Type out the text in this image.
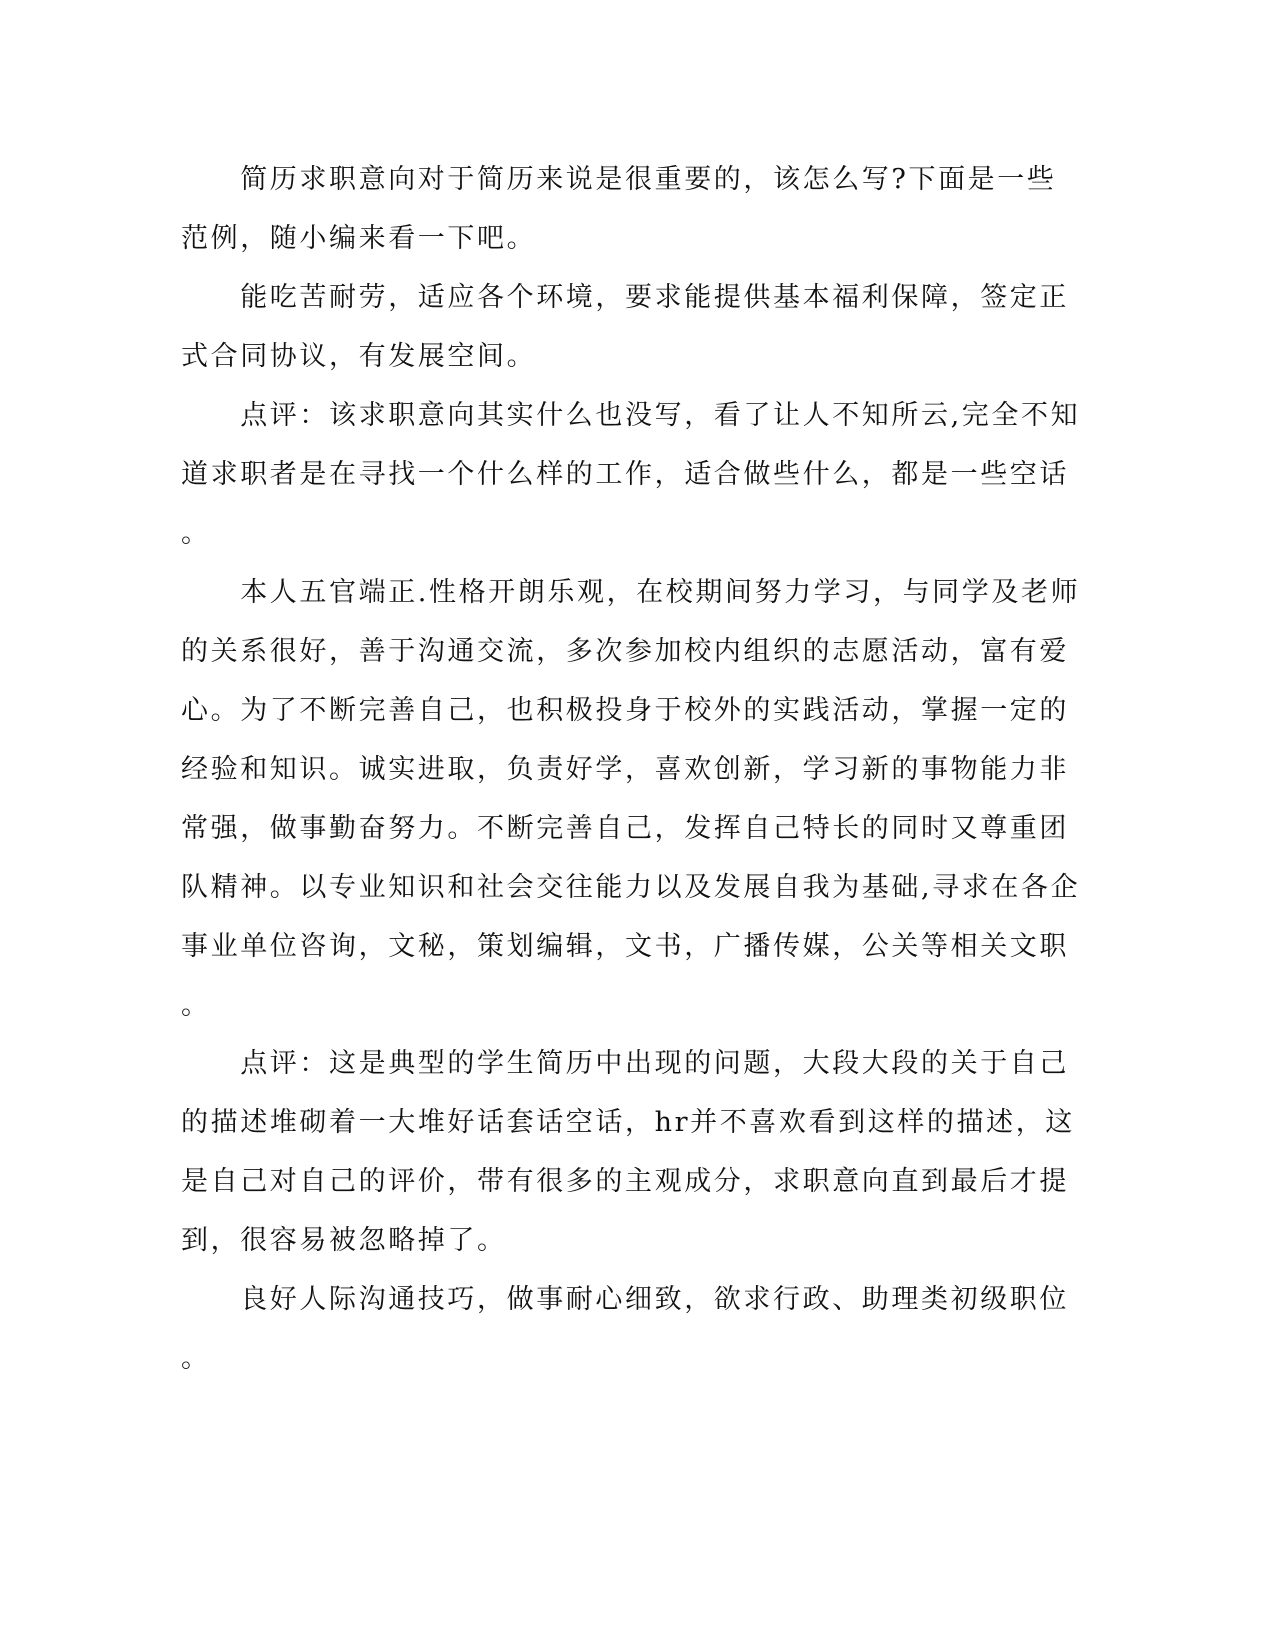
　　简历求职意向对于简历来说是很重要的，该怎么写?下面是一些
范例，随小编来看一下吧。
　　能吃苦耐劳，适应各个环境，要求能提供基本福利保障，签定正
式合同协议，有发展空间。
　　点评：该求职意向其实什么也没写，看了让人不知所云,完全不知
道求职者是在寻找一个什么样的工作，适合做些什么，都是一些空话
。
　　本人五官端正.性格开朗乐观，在校期间努力学习，与同学及老师
的关系很好，善于沟通交流，多次参加校内组织的志愿活动，富有爱
心。为了不断完善自己，也积极投身于校外的实践活动，掌握一定的
经验和知识。诚实进取，负责好学，喜欢创新，学习新的事物能力非
常强，做事勤奋努力。不断完善自己，发挥自己特长的同时又尊重团
队精神。以专业知识和社会交往能力以及发展自我为基础,寻求在各企
事业单位咨询，文秘，策划编辑，文书，广播传媒，公关等相关文职
。
　　点评：这是典型的学生简历中出现的问题，大段大段的关于自己
的描述堆砌着一大堆好话套话空话，hr并不喜欢看到这样的描述，这
是自己对自己的评价，带有很多的主观成分，求职意向直到最后才提
到，很容易被忽略掉了。
　　良好人际沟通技巧，做事耐心细致，欲求行政、助理类初级职位
。
